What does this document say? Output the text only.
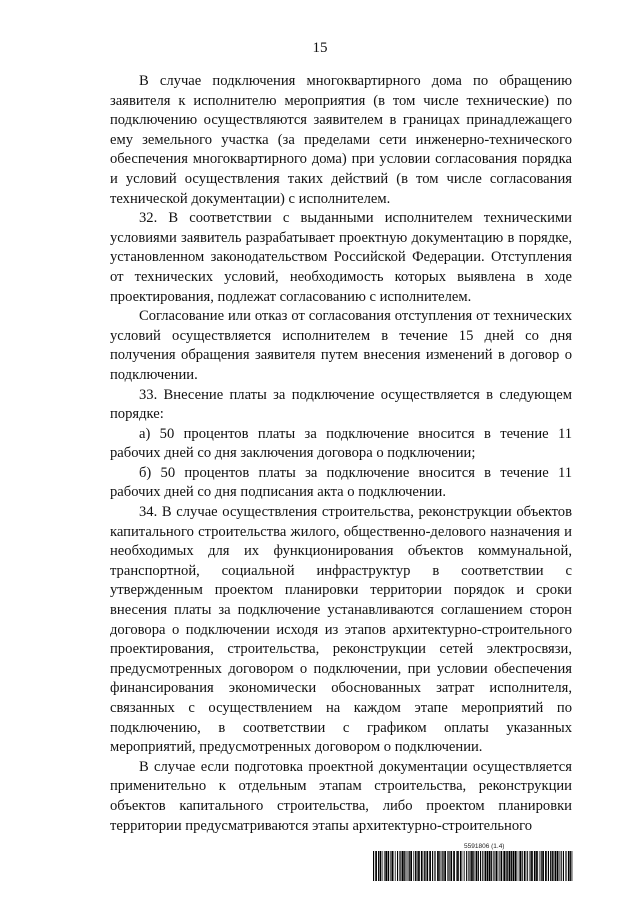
15

В случае подключения многоквартирного дома по обращению заявителя к исполнителю мероприятия (в том числе технические) по подключению осуществляются заявителем в границах принадлежащего ему земельного участка (за пределами сети инженерно-технического обеспечения многоквартирного дома) при условии согласования порядка и условий осуществления таких действий (в том числе согласования технической документации) с исполнителем.

32. В соответствии с выданными исполнителем техническими условиями заявитель разрабатывает проектную документацию в порядке, установленном законодательством Российской Федерации. Отступления от технических условий, необходимость которых выявлена в ходе проектирования, подлежат согласованию с исполнителем.

Согласование или отказ от согласования отступления от технических условий осуществляется исполнителем в течение 15 дней со дня получения обращения заявителя путем внесения изменений в договор о подключении.

33. Внесение платы за подключение осуществляется в следующем порядке:

а) 50 процентов платы за подключение вносится в течение 11 рабочих дней со дня заключения договора о подключении;

б) 50 процентов платы за подключение вносится в течение 11 рабочих дней со дня подписания акта о подключении.

34. В случае осуществления строительства, реконструкции объектов капитального строительства жилого, общественно-делового назначения и необходимых для их функционирования объектов коммунальной, транспортной, социальной инфраструктур в соответствии с утвержденным проектом планировки территории порядок и сроки внесения платы за подключение устанавливаются соглашением сторон договора о подключении исходя из этапов архитектурно-строительного проектирования, строительства, реконструкции сетей электросвязи, предусмотренных договором о подключении, при условии обеспечения финансирования экономически обоснованных затрат исполнителя, связанных с осуществлением на каждом этапе мероприятий по подключению, в соответствии с графиком оплаты указанных мероприятий, предусмотренных договором о подключении.

В случае если подготовка проектной документации осуществляется применительно к отдельным этапам строительства, реконструкции объектов капитального строительства, либо проектом планировки территории предусматриваются этапы архитектурно-строительного

5591806 (1.4)
